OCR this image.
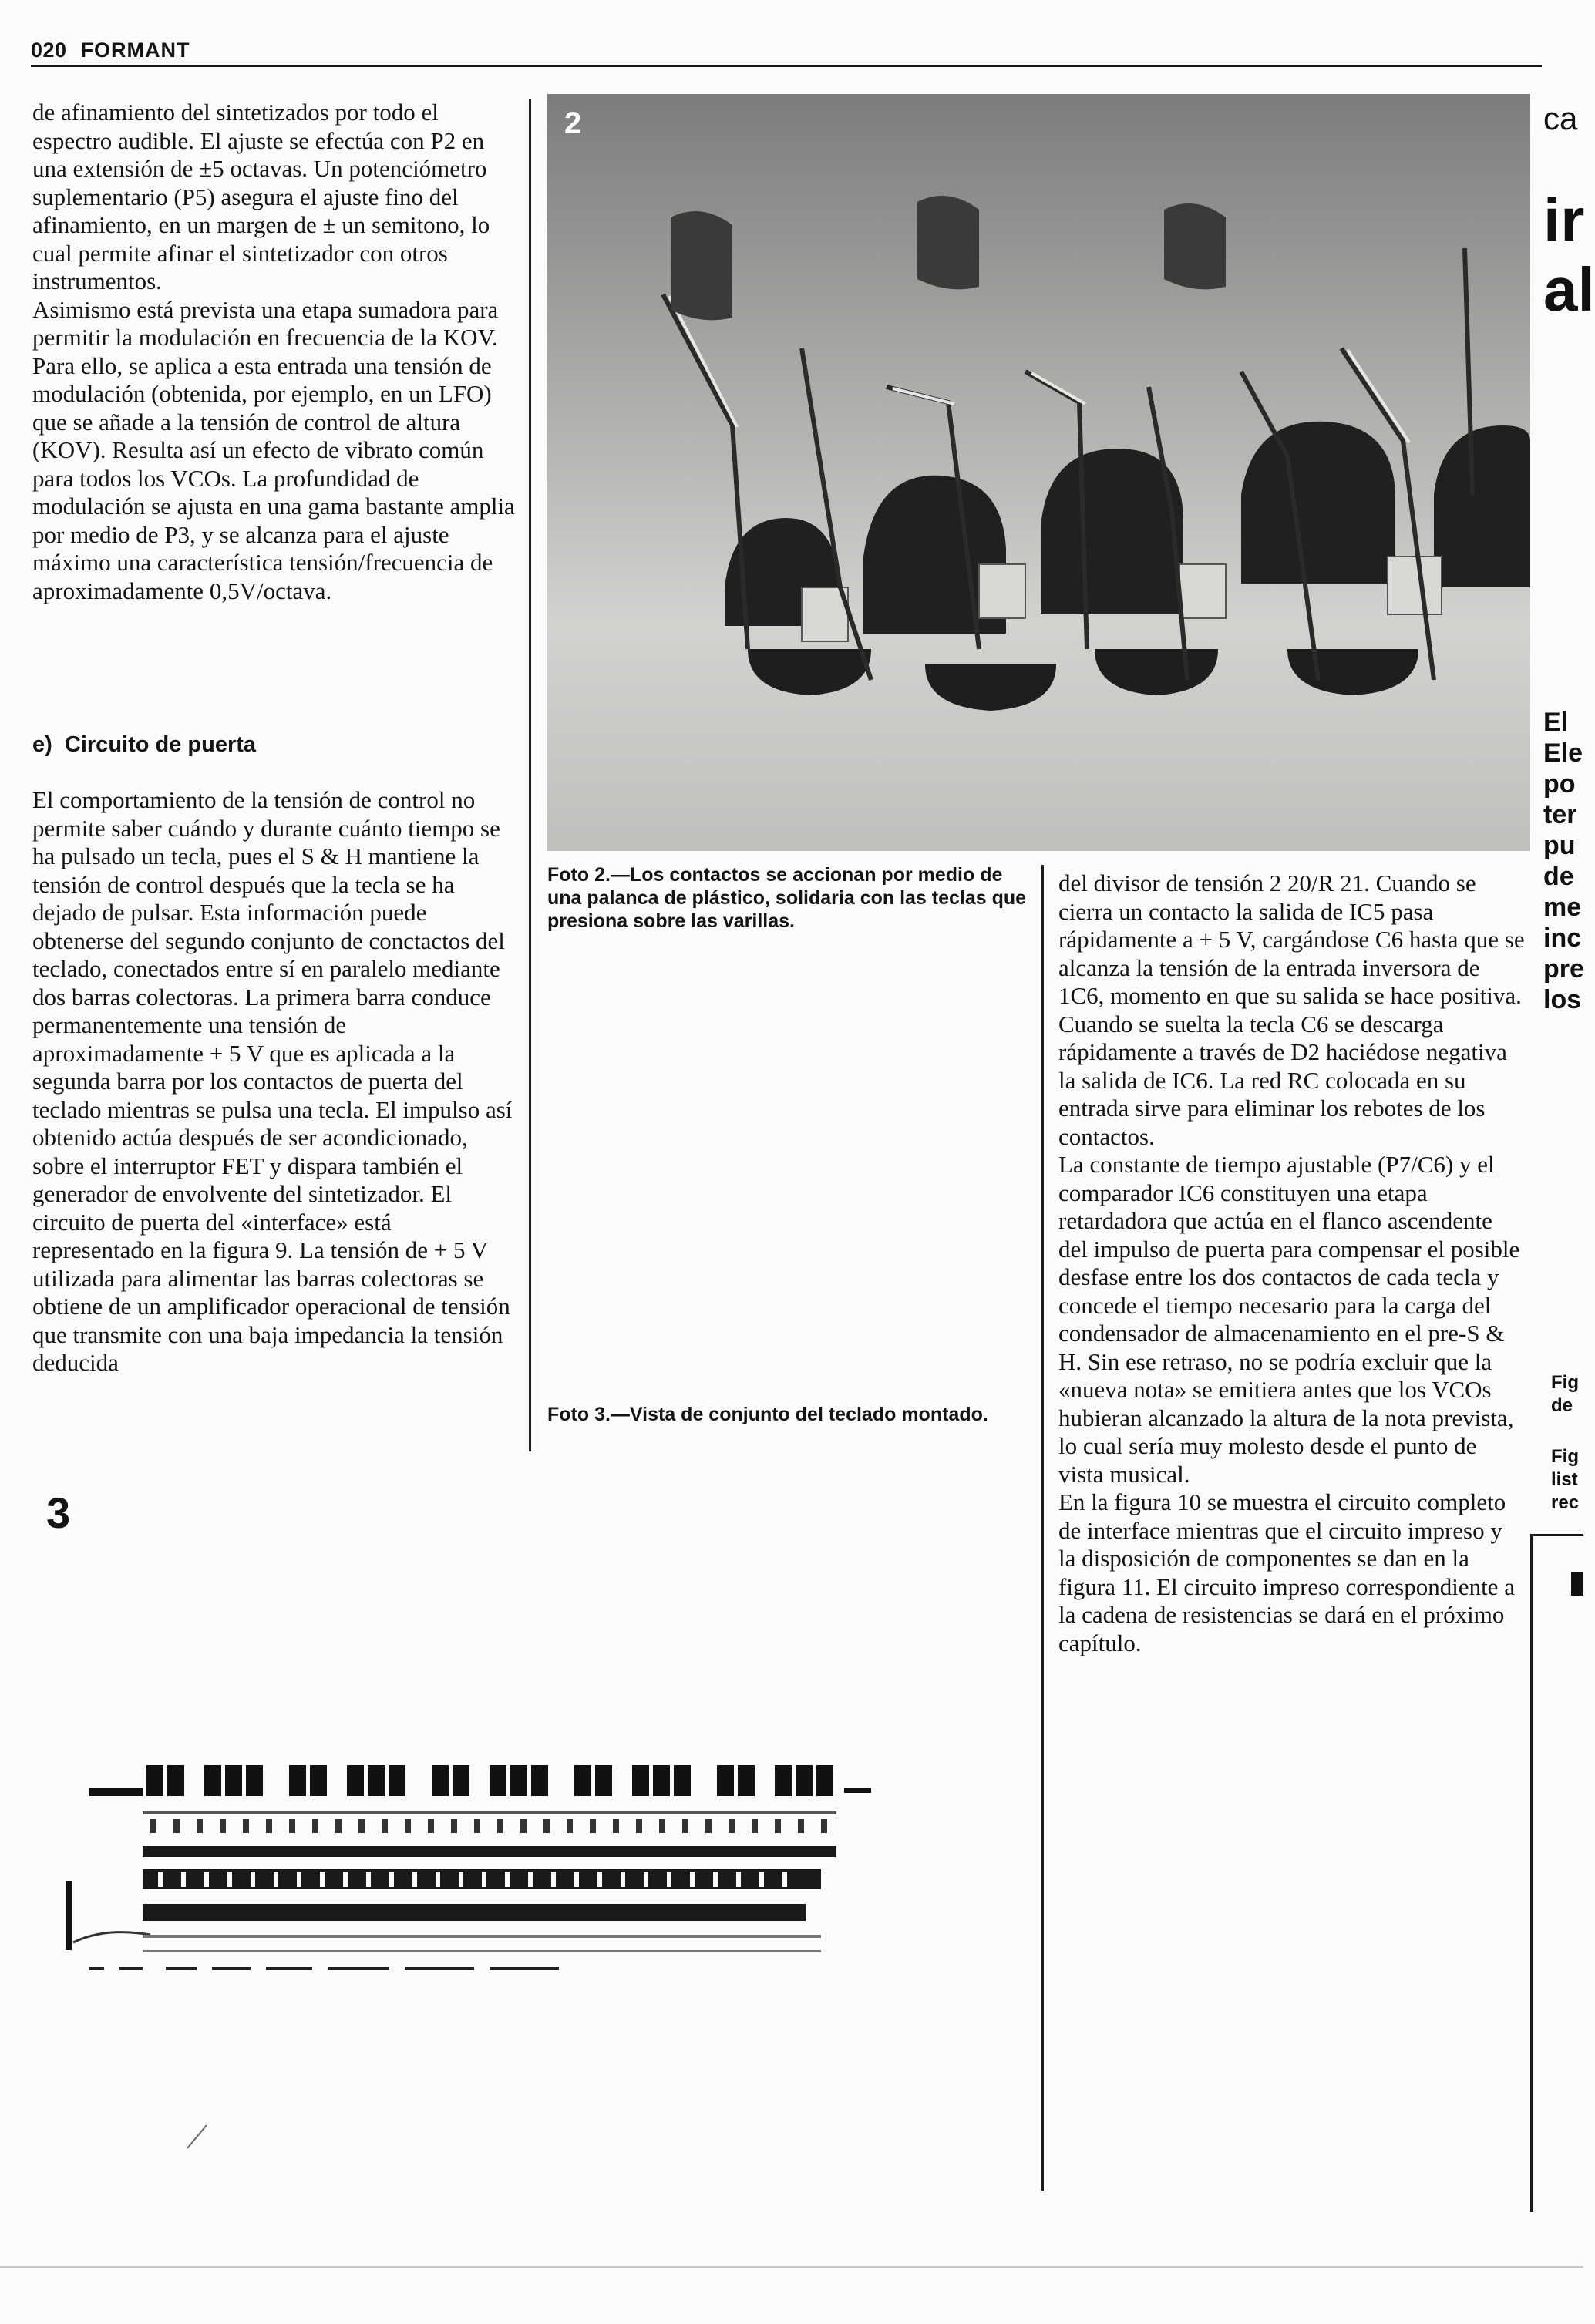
020 FORMANT

de afinamiento del sintetizados por todo el espectro audible. El ajuste se efectúa con P2 en una extensión de ±5 octavas. Un potenciómetro suplementario (P5) asegura el ajuste fino del afinamiento, en un margen de ± un semitono, lo cual permite afinar el sintetizador con otros instrumentos.

Asimismo está prevista una etapa sumadora para permitir la modulación en frecuencia de la KOV. Para ello, se aplica a esta entrada una tensión de modulación (obtenida, por ejemplo, en un LFO) que se añade a la tensión de control de altura (KOV). Resulta así un efecto de vibrato común para todos los VCOs. La profundidad de modulación se ajusta en una gama bastante amplia por medio de P3, y se alcanza para el ajuste máximo una característica tensión/frecuencia de aproximadamente 0,5V/octava.

e)  Circuito de puerta

El comportamiento de la tensión de control no permite saber cuándo y durante cuánto tiempo se ha pulsado un tecla, pues el S & H mantiene la tensión de control después que la tecla se ha dejado de pulsar. Esta información puede obtenerse del segundo conjunto de conctactos del teclado, conectados entre sí en paralelo mediante dos barras colectoras. La primera barra conduce permanentemente una tensión de aproximadamente + 5 V que es aplicada a la segunda barra por los contactos de puerta del teclado mientras se pulsa una tecla. El impulso así obtenido actúa después de ser acondicionado, sobre el interruptor FET y dispara también el generador de envolvente del sintetizador. El circuito de puerta del «interface» está representado en la figura 9. La tensión de + 5 V utilizada para alimentar las barras colectoras se obtiene de un amplificador operacional de tensión que transmite con una baja impedancia la tensión deducida

2
Foto 2.—Los contactos se accionan por medio de una palanca de plástico, solidaria con las teclas que presiona sobre las varillas.
Foto 3.—Vista de conjunto del teclado montado.

del divisor de tensión 2 20/R 21. Cuando se cierra un contacto la salida de IC5 pasa rápidamente a + 5 V, cargándose C6 hasta que se alcanza la tensión de la entrada inversora de 1C6, momento en que su salida se hace positiva. Cuando se suelta la tecla C6 se descarga rápidamente a través de D2 haciédose negativa la salida de IC6. La red RC colocada en su entrada sirve para eliminar los rebotes de los contactos.

La constante de tiempo ajustable (P7/C6) y el comparador IC6 constituyen una etapa retardadora que actúa en el flanco ascendente del impulso de puerta para compensar el posible desfase entre los dos contactos de cada tecla y concede el tiempo necesario para la carga del condensador de almacenamiento en el pre-S & H. Sin ese retraso, no se podría excluir que la «nueva nota» se emitiera antes que los VCOs hubieran alcanzado la altura de la nota prevista, lo cual sería muy molesto desde el punto de vista musical.

En la figura 10 se muestra el circuito completo de interface mientras que el circuito impreso y la disposición de componentes se dan en la figura 11. El circuito impreso correspondiente a la cadena de resistencias se dará en el próximo capítulo.

3
ca
ir
al
El
Ele
po
ter
pu
de
me
inc
pre
los
Fig
de
Fig
list
rec
